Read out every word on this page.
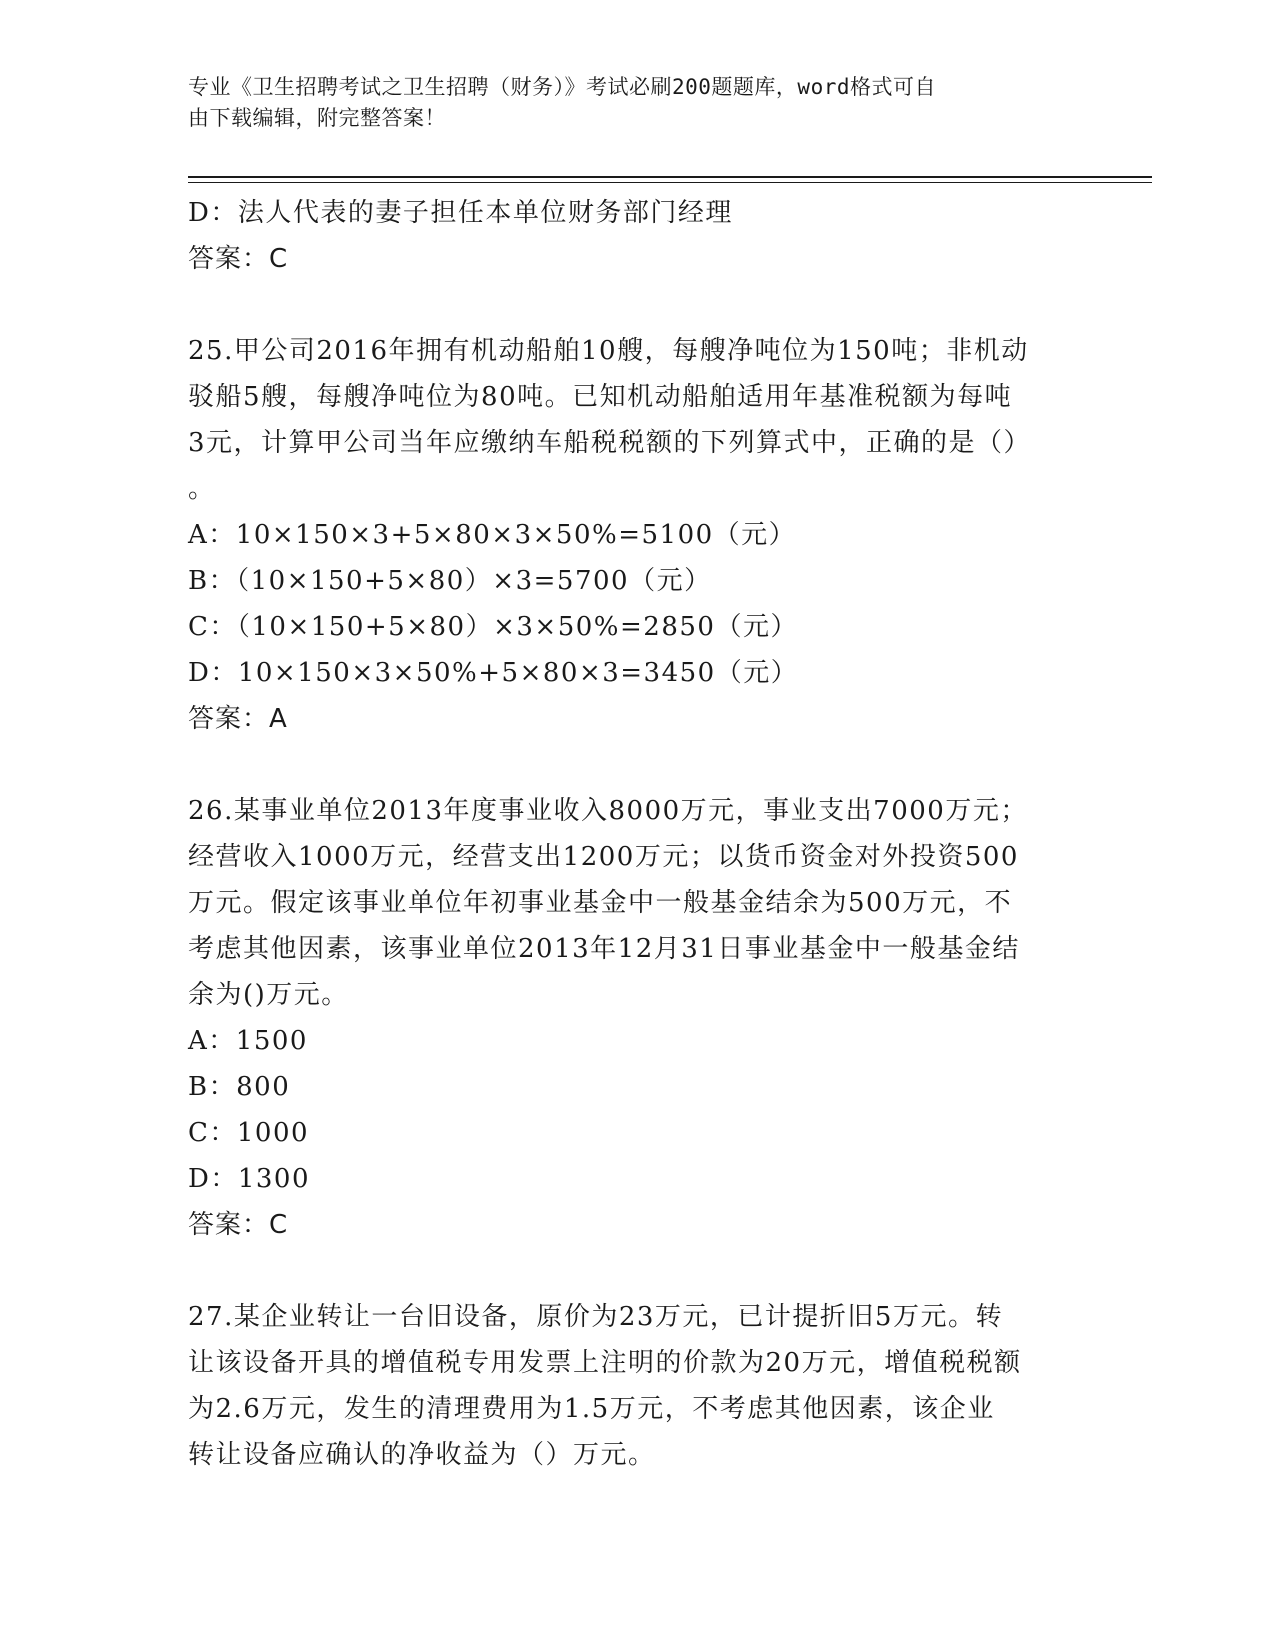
专业《卫生招聘考试之卫生招聘（财务）》考试必刷200题题库，word格式可自
由下载编辑，附完整答案！
D：法人代表的妻子担任本单位财务部门经理
答案：C
25.甲公司2016年拥有机动船舶10艘，每艘净吨位为150吨；非机动
驳船5艘，每艘净吨位为80吨。已知机动船舶适用年基准税额为每吨
3元，计算甲公司当年应缴纳车船税税额的下列算式中，正确的是（）
。
A：10×150×3+5×80×3×50%=5100（元）
B：（10×150+5×80）×3=5700（元）
C：（10×150+5×80）×3×50%=2850（元）
D：10×150×3×50%+5×80×3=3450（元）
答案：A
26.某事业单位2013年度事业收入8000万元，事业支出7000万元；
经营收入1000万元，经营支出1200万元；以货币资金对外投资500
万元。假定该事业单位年初事业基金中一般基金结余为500万元，不
考虑其他因素，该事业单位2013年12月31日事业基金中一般基金结
余为()万元。
A：1500
B：800
C：1000
D：1300
答案：C
27.某企业转让一台旧设备，原价为23万元，已计提折旧5万元。转
让该设备开具的增值税专用发票上注明的价款为20万元，增值税税额
为2.6万元，发生的清理费用为1.5万元，不考虑其他因素，该企业
转让设备应确认的净收益为（）万元。
